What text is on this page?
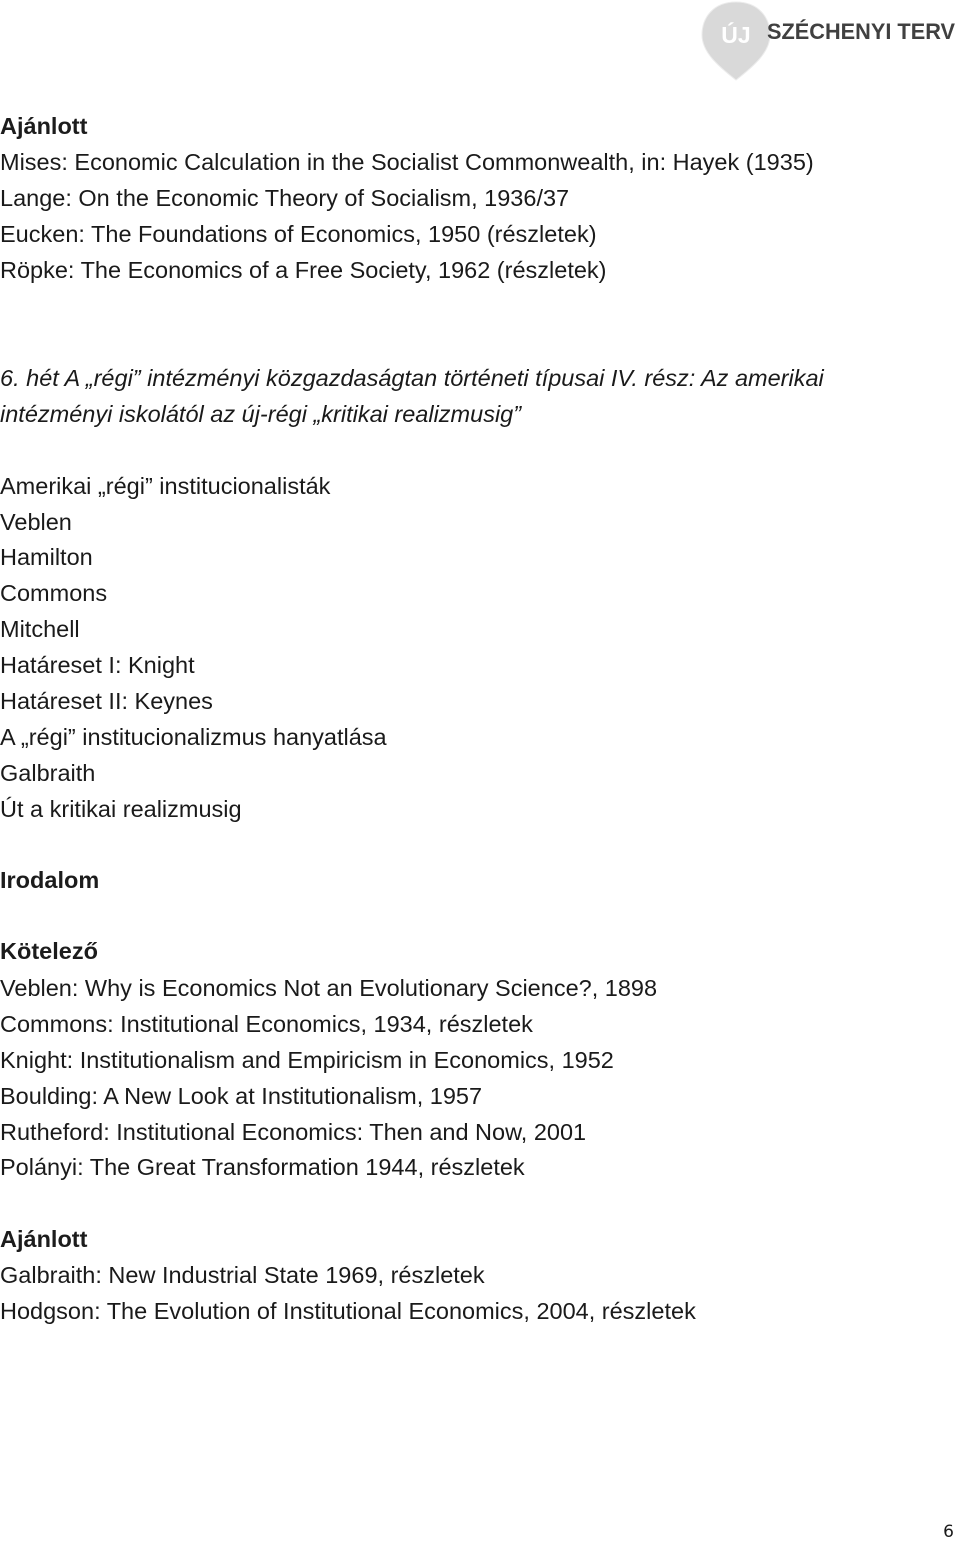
ÚJ SZÉCHENYI TERV

Ajánlott

Mises: Economic Calculation in the Socialist Commonwealth, in: Hayek (1935)

Lange: On the Economic Theory of Socialism, 1936/37

Eucken: The Foundations of Economics, 1950 (részletek)

Röpke: The Economics of a Free Society, 1962 (részletek)

6. hét A „régi” intézményi közgazdaságtan történeti típusai IV. rész: Az amerikai

intézményi iskolától az új-régi „kritikai realizmusig”

Amerikai „régi” institucionalisták

Veblen

Hamilton

Commons

Mitchell

Határeset I: Knight

Határeset II: Keynes

A „régi” institucionalizmus hanyatlása

Galbraith

Út a kritikai realizmusig

Irodalom

Kötelező

Veblen: Why is Economics Not an Evolutionary Science?, 1898

Commons: Institutional Economics, 1934, részletek

Knight: Institutionalism and Empiricism in Economics, 1952

Boulding: A New Look at Institutionalism, 1957

Rutheford: Institutional Economics: Then and Now, 2001

Polányi: The Great Transformation 1944, részletek

Ajánlott

Galbraith: New Industrial State 1969, részletek

Hodgson: The Evolution of Institutional Economics, 2004, részletek

6
